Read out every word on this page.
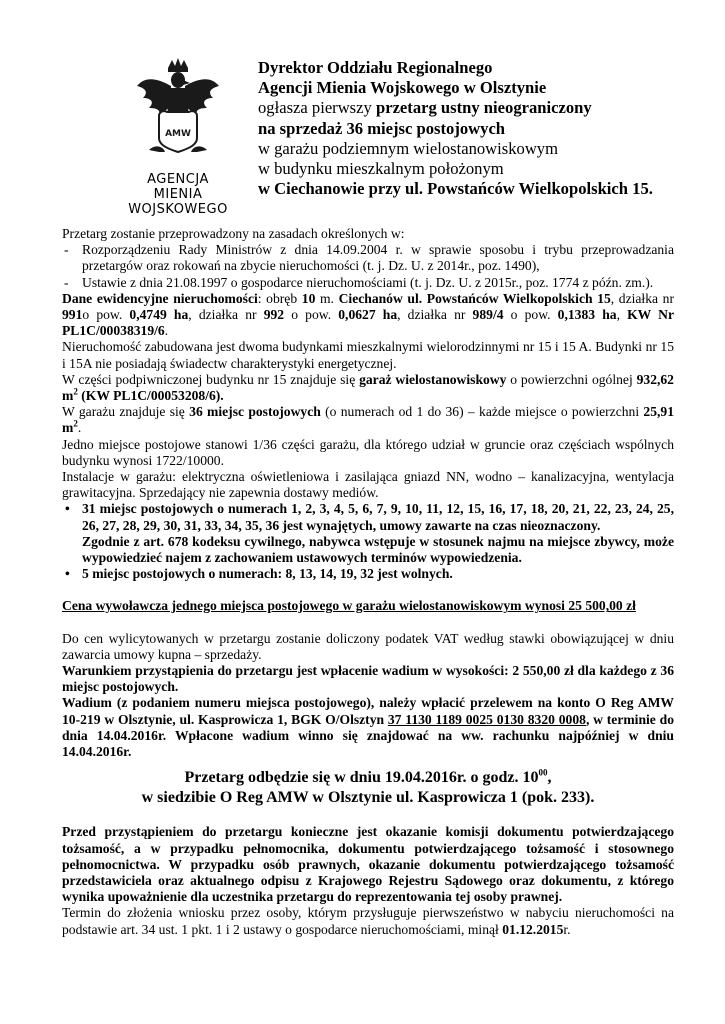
AMW
AGENCJA
MIENIA WOJSKOWEGO
Dyrektor Oddziału Regionalnego
Agencji Mienia Wojskowego w Olsztynie
ogłasza pierwszy przetarg ustny nieograniczony
na sprzedaż 36 miejsc postojowych
w garażu podziemnym wielostanowiskowym
w budynku mieszkalnym położonym
w Ciechanowie przy ul. Powstańców Wielkopolskich 15.

Przetarg zostanie przeprowadzony na zasadach określonych w:

- Rozporządzeniu Rady Ministrów z dnia 14.09.2004 r. w sprawie sposobu i trybu przeprowadzania przetargów oraz rokowań na zbycie nieruchomości (t. j. Dz. U. z 2014r., poz. 1490),
- Ustawie z dnia 21.08.1997 o gospodarce nieruchomościami (t. j. Dz. U. z 2015r., poz. 1774 z późn. zm.).

Dane ewidencyjne nieruchomości: obręb 10 m. Ciechanów ul. Powstańców Wielkopolskich 15, działka nr 991o pow. 0,4749 ha, działka nr 992 o pow. 0,0627 ha, działka nr 989/4 o pow. 0,1383 ha, KW Nr PL1C/00038319/6.

Nieruchomość zabudowana jest dwoma budynkami mieszkalnymi wielorodzinnymi nr 15 i 15 A. Budynki nr 15 i 15A nie posiadają świadectw charakterystyki energetycznej.

W części podpiwniczonej budynku nr 15 znajduje się garaż wielostanowiskowy o powierzchni ogólnej 932,62 $m^2$ (KW PL1C/00053208/6).

W garażu znajduje się 36 miejsc postojowych (o numerach od 1 do 36) – każde miejsce o powierzchni 25,91 $m^2$.

Jedno miejsce postojowe stanowi 1/36 części garażu, dla którego udział w gruncie oraz częściach wspólnych budynku wynosi 1722/10000.

Instalacje w garażu: elektryczna oświetleniowa i zasilająca gniazd NN, wodno – kanalizacyjna, wentylacja grawitacyjna. Sprzedający nie zapewnia dostawy mediów.

• 31 miejsc postojowych o numerach 1, 2, 3, 4, 5, 6, 7, 9, 10, 11, 12, 15, 16, 17, 18, 20, 21, 22, 23, 24, 25, 26, 27, 28, 29, 30, 31, 33, 34, 35, 36 jest wynajętych, umowy zawarte na czas nieoznaczony.
Zgodnie z art. 678 kodeksu cywilnego, nabywca wstępuje w stosunek najmu na miejsce zbywcy, może wypowiedzieć najem z zachowaniem ustawowych terminów wypowiedzenia.
• 5 miejsc postojowych o numerach: 8, 13, 14, 19, 32 jest wolnych.

Cena wywoławcza jednego miejsca postojowego w garażu wielostanowiskowym wynosi 25 500,00 zł

Do cen wylicytowanych w przetargu zostanie doliczony podatek VAT według stawki obowiązującej w dniu zawarcia umowy kupna – sprzedaży.

Warunkiem przystąpienia do przetargu jest wpłacenie wadium w wysokości: 2 550,00 zł dla każdego z 36 miejsc postojowych.

Wadium (z podaniem numeru miejsca postojowego), należy wpłacić przelewem na konto O Reg AMW 10-219 w Olsztynie, ul. Kasprowicza 1, BGK O/Olsztyn 37 1130 1189 0025 0130 8320 0008, w terminie do dnia 14.04.2016r. Wpłacone wadium winno się znajdować na ww. rachunku najpóźniej w dniu 14.04.2016r.

Przetarg odbędzie się w dniu 19.04.2016r. o godz. $10^{00}$,
w siedzibie O Reg AMW w Olsztynie ul. Kasprowicza 1 (pok. 233).

Przed przystąpieniem do przetargu konieczne jest okazanie komisji dokumentu potwierdzającego tożsamość, a w przypadku pełnomocnika, dokumentu potwierdzającego tożsamość i stosownego pełnomocnictwa. W przypadku osób prawnych, okazanie dokumentu potwierdzającego tożsamość przedstawiciela oraz aktualnego odpisu z Krajowego Rejestru Sądowego oraz dokumentu, z którego wynika upoważnienie dla uczestnika przetargu do reprezentowania tej osoby prawnej.

Termin do złożenia wniosku przez osoby, którym przysługuje pierwszeństwo w nabyciu nieruchomości na podstawie art. 34 ust. 1 pkt. 1 i 2 ustawy o gospodarce nieruchomościami, minął 01.12.2015r.
